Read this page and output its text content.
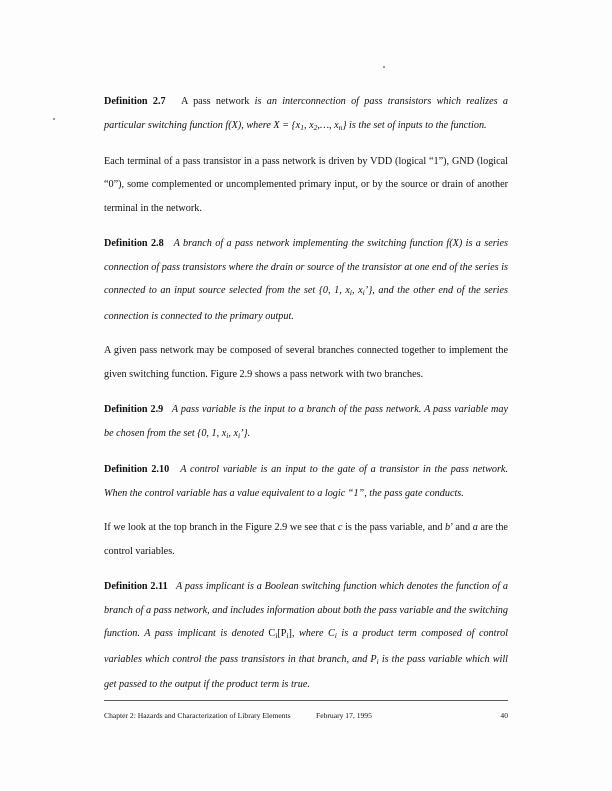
Definition 2.7   A pass network is an interconnection of pass transistors which realizes a particular switching function f(X), where $X = \{x_1$, $x_2,\dots$, $x_n$} is the set of inputs to the function.

Each terminal of a pass transistor in a pass network is driven by VDD (logical “1”), GND (logical “0”), some complemented or uncomplemented primary input, or by the source or drain of another terminal in the network.

Definition 2.8   A branch of a pass network implementing the switching function f(X) is a series connection of pass transistors where the drain or source of the transistor at one end of the series is connected to an input source selected from the set {0, 1, $x_i$, $x_i$’}, and the other end of the series connection is connected to the primary output.

A given pass network may be composed of several branches connected together to implement the given switching function. Figure 2.9 shows a pass network with two branches.

Definition 2.9   A pass variable is the input to a branch of the pass network. A pass variable may be chosen from the set {0, 1, $x_i$, $x_i$’}.

Definition 2.10   A control variable is an input to the gate of a transistor in the pass network. When the control variable has a value equivalent to a logic “1”, the pass gate conducts.

If we look at the top branch in the Figure 2.9 we see that c is the pass variable, and b’ and a are the control variables.

Definition 2.11   A pass implicant is a Boolean switching function which denotes the function of a branch of a pass network, and includes information about both the pass variable and the switching function. A pass implicant is denoted $C_i[P_i]$, where $C_i$ is a product term composed of control variables which control the pass transistors in that branch, and $P_i$ is the pass variable which will get passed to the output if the product term is true.

Chapter 2: Hazards and Characterization of Library Elements	February 17, 1995	40
